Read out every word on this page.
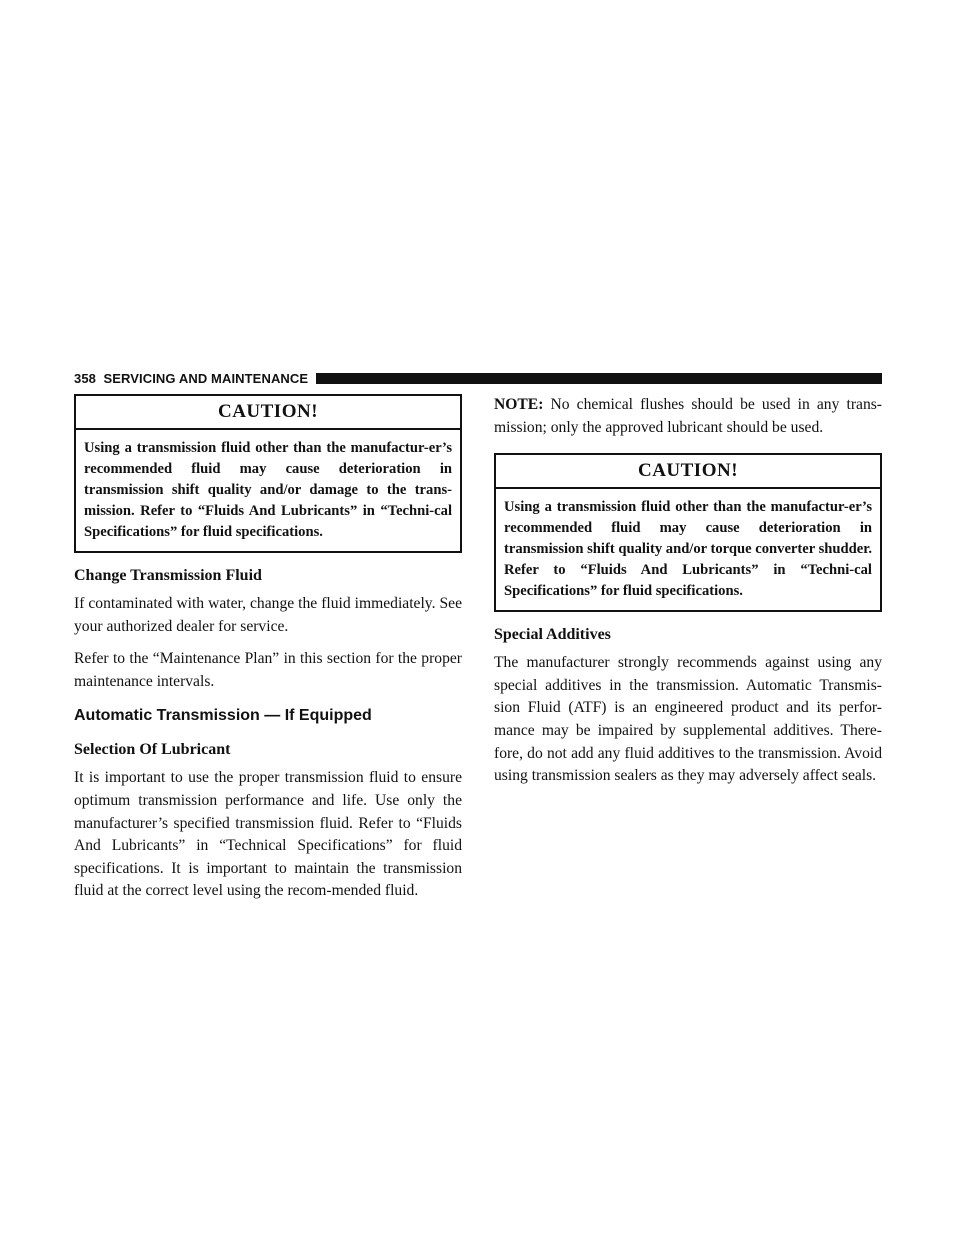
358 SERVICING AND MAINTENANCE
CAUTION!
Using a transmission fluid other than the manufactur-er’s recommended fluid may cause deterioration in transmission shift quality and/or damage to the trans-mission. Refer to “Fluids And Lubricants” in “Techni-cal Specifications” for fluid specifications.
Change Transmission Fluid

If contaminated with water, change the fluid immediately. See your authorized dealer for service.

Refer to the “Maintenance Plan” in this section for the proper maintenance intervals.

Automatic Transmission — If Equipped
Selection Of Lubricant

It is important to use the proper transmission fluid to ensure optimum transmission performance and life. Use only the manufacturer’s specified transmission fluid. Refer to “Fluids And Lubricants” in “Technical Specifications” for fluid specifications. It is important to maintain the transmission fluid at the correct level using the recom-mended fluid.

NOTE: No chemical flushes should be used in any trans-mission; only the approved lubricant should be used.

CAUTION!
Using a transmission fluid other than the manufactur-er’s recommended fluid may cause deterioration in transmission shift quality and/or torque converter shudder. Refer to “Fluids And Lubricants” in “Techni-cal Specifications” for fluid specifications.
Special Additives

The manufacturer strongly recommends against using any special additives in the transmission. Automatic Transmis-sion Fluid (ATF) is an engineered product and its perfor-mance may be impaired by supplemental additives. There-fore, do not add any fluid additives to the transmission. Avoid using transmission sealers as they may adversely affect seals.
